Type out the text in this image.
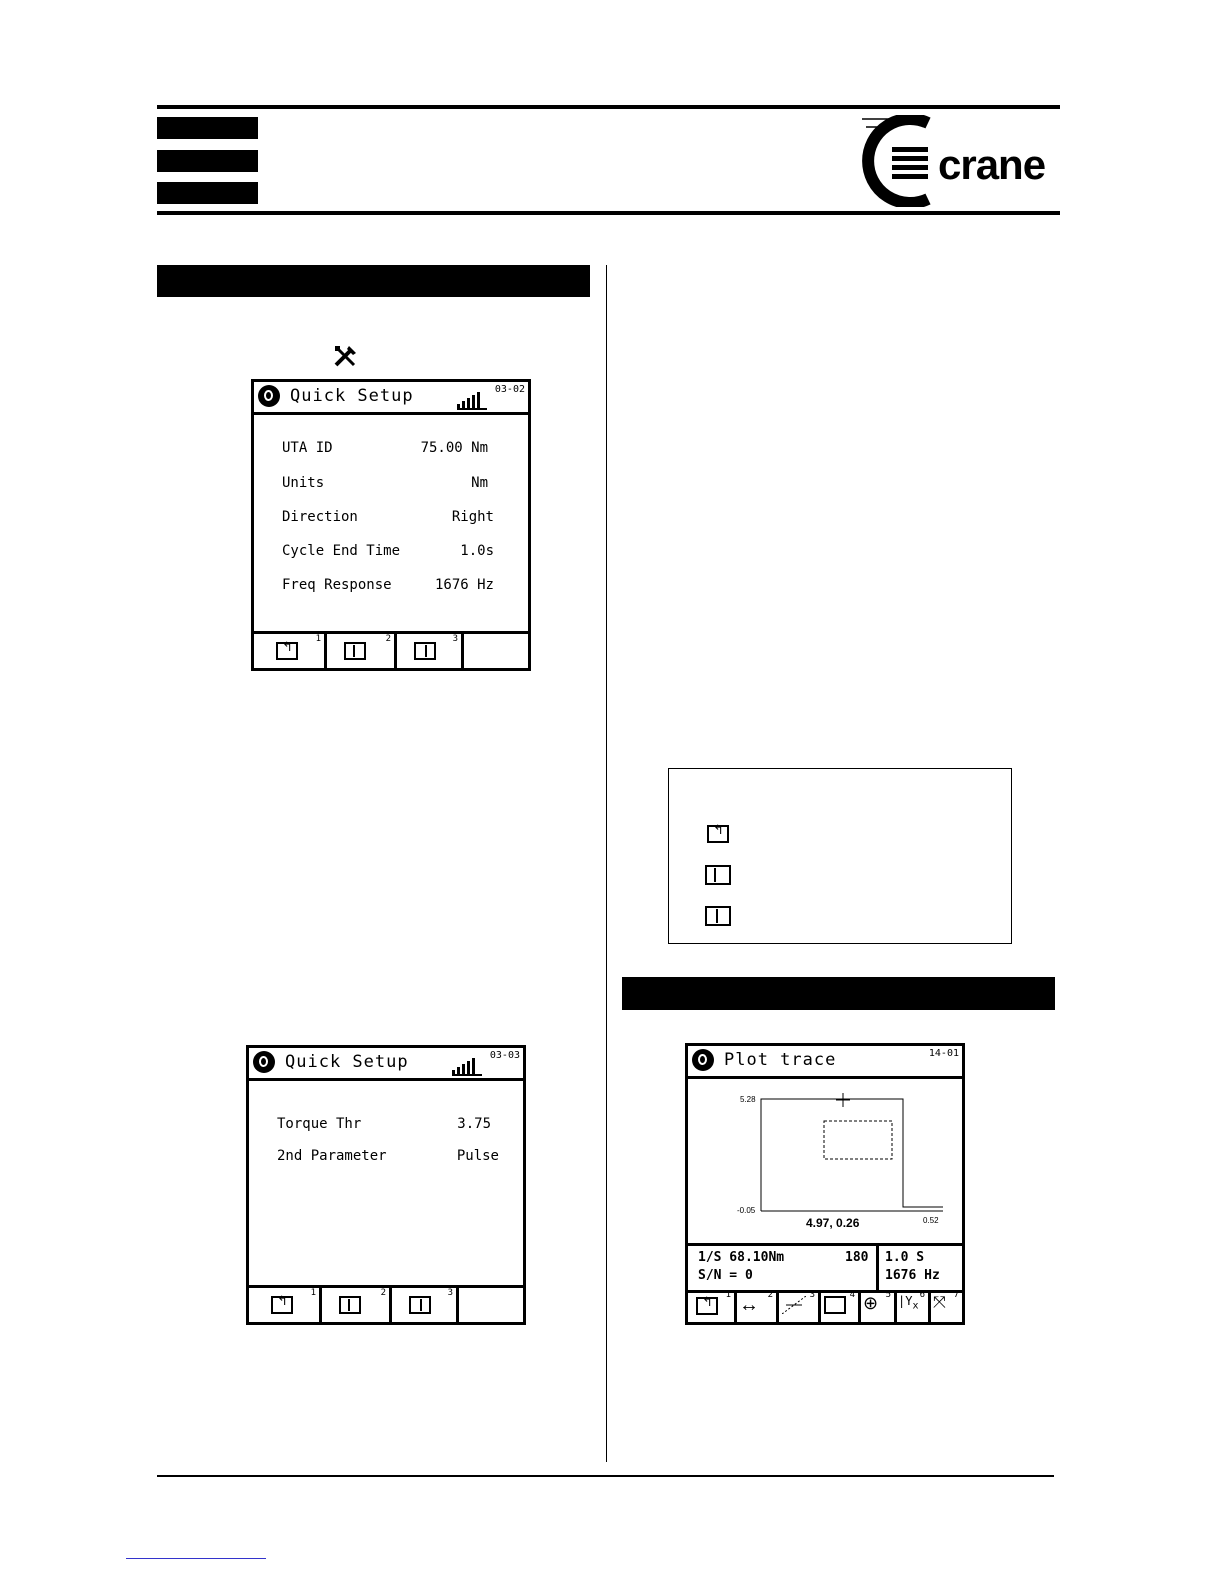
crane
Quick Setup	03-02
UTA ID	75.00 Nm
Units	Nm
Direction	Right
Cycle End Time	1.0s
Freq Response	1676 Hz
↰
1	2	3
Quick Setup	03-03
Torque Thr	3.75
2nd Parameter	Pulse
↰
1	2	3
↰
Plot trace	14-01
5.28
-0.05
0.52
4.97, 0.26
1/S 68.10Nm	180
S/N = 0
1.0 S
1676 Hz
↰
1 ↔ 2	3	4 ⊕ 5 $|Y_x$
6 ⤧ 7
